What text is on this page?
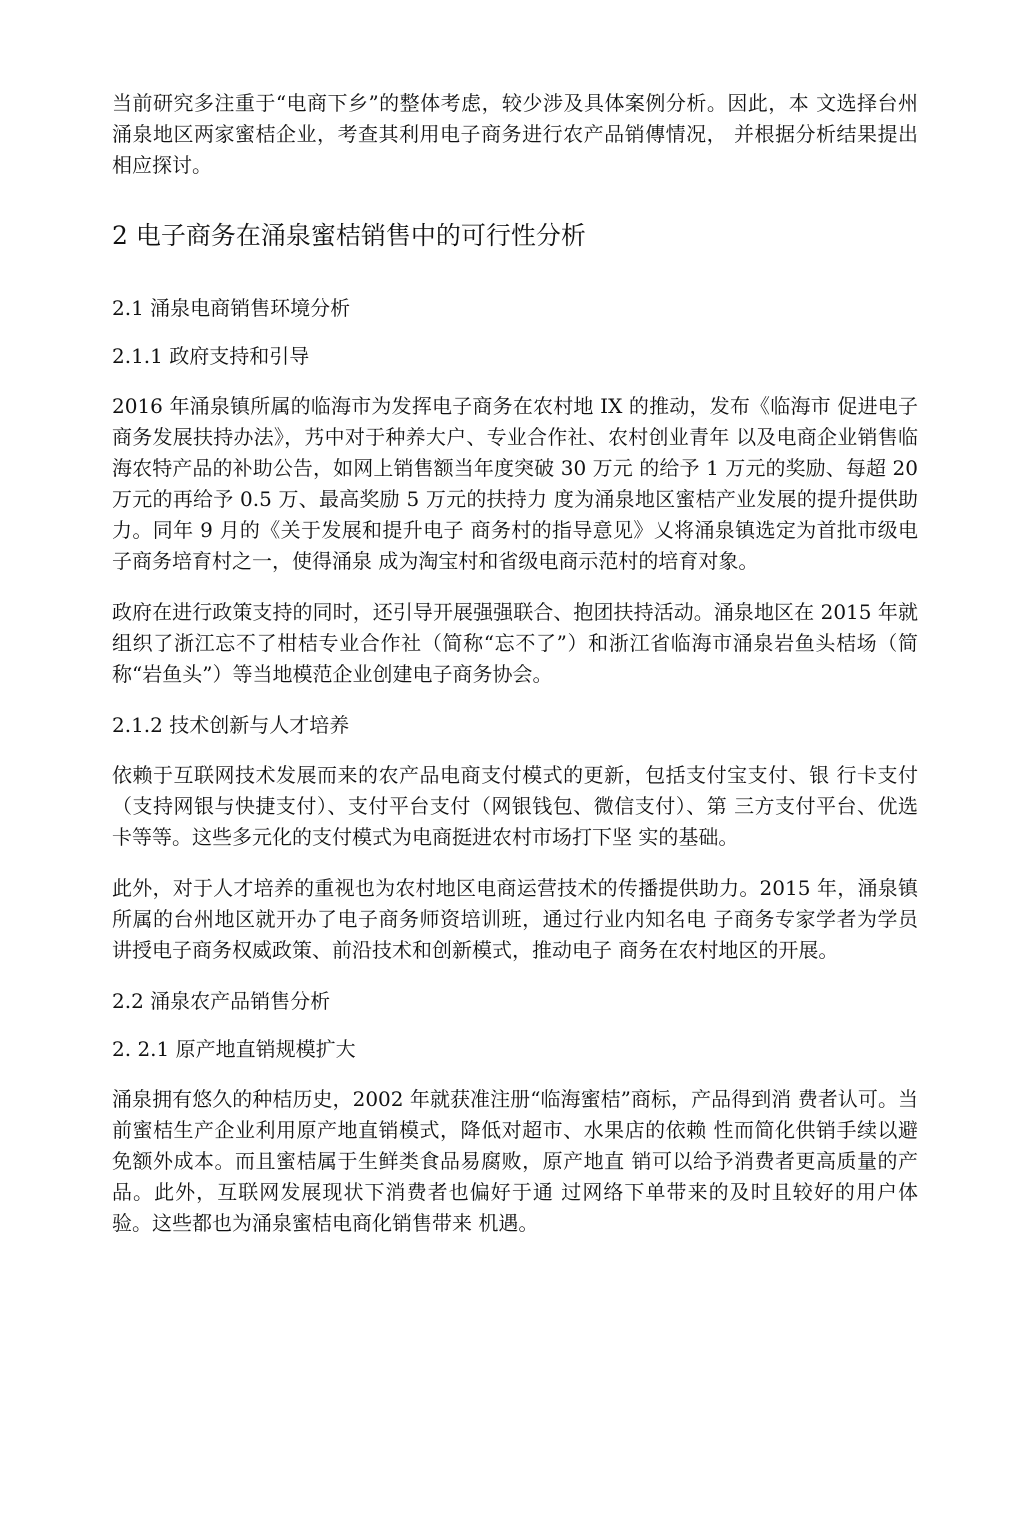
当前研究多注重于“电商下乡”的整体考虑，较少涉及具体案例分析。因此，本 文选择台州涌泉地区两家蜜桔企业，考查其利用电子商务进行农产品销傳情况， 并根据分析结果提出相应探讨。

2 电子商务在涌泉蜜桔销售中的可行性分析
2.1 涌泉电商销售环境分析
2.1.1 政府支持和引导

2016 年涌泉镇所属的临海市为发挥电子商务在农村地 IX 的推动，发布《临海市 促进电子商务发展扶持办法》，艿中对于种养大户、专业合作社、农村创业青年 以及电商企业销售临海农特产品的补助公告，如网上销售额当年度突破 30 万元 的给予 1 万元的奖励、每超 20 万元的再给予 0.5 万、最高奖励 5 万元的扶持力 度为涌泉地区蜜桔产业发展的提升提供助力。同年 9 月的《关于发展和提升电子 商务村的指导意见》乂将涌泉镇选定为首批市级电子商务培育村之一，使得涌泉 成为淘宝村和省级电商示范村的培育对象。

政府在进行政策支持的同时，还引导开展强强联合、抱团扶持活动。涌泉地区在 2015 年就组织了浙江忘不了柑桔专业合作社（简称“忘不了”）和浙江省临海市涌泉岩鱼头桔场（简称“岩鱼头”）等当地模范企业创建电子商务协会。

2.1.2 技术创新与人才培养

依赖于互联网技术发展而来的农产品电商支付模式的更新，包括支付宝支付、银 行卡支付（支持网银与快捷支付）、支付平台支付（网银钱包、微信支付）、第 三方支付平台、优选卡等等。这些多元化的支付模式为电商挺进农村市场打下坚 实的基础。

此外，对于人才培养的重视也为农村地区电商运营技术的传播提供助力。2015 年，涌泉镇所属的台州地区就开办了电子商务师资培训班，通过行业内知名电 子商务专家学者为学员讲授电子商务权威政策、前沿技术和创新模式，推动电子 商务在农村地区的开展。

2.2 涌泉农产品销售分析
2. 2.1 原产地直销规模扩大

涌泉拥有悠久的种桔历史，2002 年就获准注册“临海蜜桔”商标，产品得到消 费者认可。当前蜜桔生产企业利用原产地直销模式，降低对超市、水果店的依赖 性而简化供销手续以避免额外成本。而且蜜桔属于生鲜类食品易腐败，原产地直 销可以给予消费者更高质量的产品。此外，互联网发展现状下消费者也偏好于通 过网络下单带来的及时且较好的用户体验。这些都也为涌泉蜜桔电商化销售带来 机遇。
